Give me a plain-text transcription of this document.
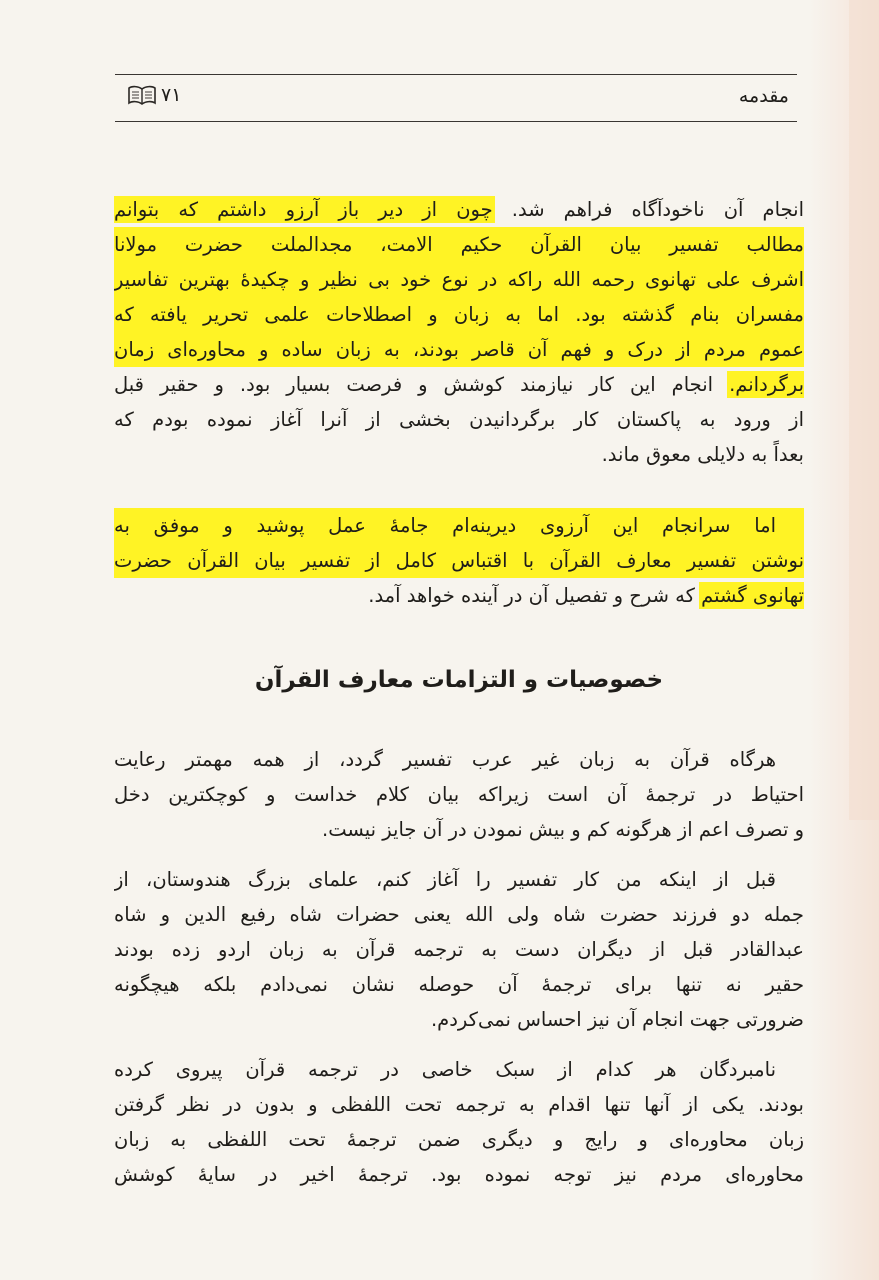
مقدمه
۷۱
انجام آن ناخودآگاه فراهم شد. چون از دیر باز آرزو داشتم که بتوانم
مطالب تفسیر بیان القرآن حکیم الامت، مجدالملت حضرت مولانا
اشرف علی تهانوی رحمه الله راکه در نوع خود بی نظیر و چکیدهٔ بهترین تفاسیر
مفسران بنام گذشته بود. اما به زبان و اصطلاحات علمی تحریر یافته که
عموم مردم از درک و فهم آن قاصر بودند، به زبان ساده و محاوره‌ای زمان
برگردانم. انجام این کار نیازمند کوشش و فرصت بسیار بود. و حقیر قبل
از ورود به پاکستان کار برگردانیدن بخشی از آنرا آغاز نموده بودم که
بعداً به دلایلی معوق ماند.
اما سرانجام این آرزوی دیرینه‌ام جامهٔ عمل پوشید و موفق به
نوشتن تفسیر معارف القرآن با اقتباس کامل از تفسیر بیان القرآن حضرت
تهانوی گشتم که شرح و تفصیل آن در آینده خواهد آمد.
خصوصیات و التزامات معارف القرآن
هرگاه قرآن به زبان غیر عرب تفسیر گردد، از همه مهمتر رعایت
احتیاط در ترجمهٔ آن است زیراکه بیان کلام خداست و کوچکترین دخل
و تصرف اعم از هرگونه کم و بیش نمودن در آن جایز نیست.
قبل از اینکه من کار تفسیر را آغاز کنم، علمای بزرگ هندوستان، از
جمله دو فرزند حضرت شاه ولی الله یعنی حضرات شاه رفیع الدین و شاه
عبدالقادر قبل از دیگران دست به ترجمه قرآن به زبان اردو زده بودند
حقیر نه تنها برای ترجمهٔ آن حوصله نشان نمی‌دادم بلکه هیچگونه
ضرورتی جهت انجام آن نیز احساس نمی‌کردم.
نامبردگان هر کدام از سبک خاصی در ترجمه قرآن پیروی کرده
بودند. یکی از آنها تنها اقدام به ترجمه تحت اللفظی و بدون در نظر گرفتن
زبان محاوره‌ای و رایج و دیگری ضمن ترجمهٔ تحت اللفظی به زبان
محاوره‌ای مردم نیز توجه نموده بود. ترجمهٔ اخیر در سایهٔ کوشش
